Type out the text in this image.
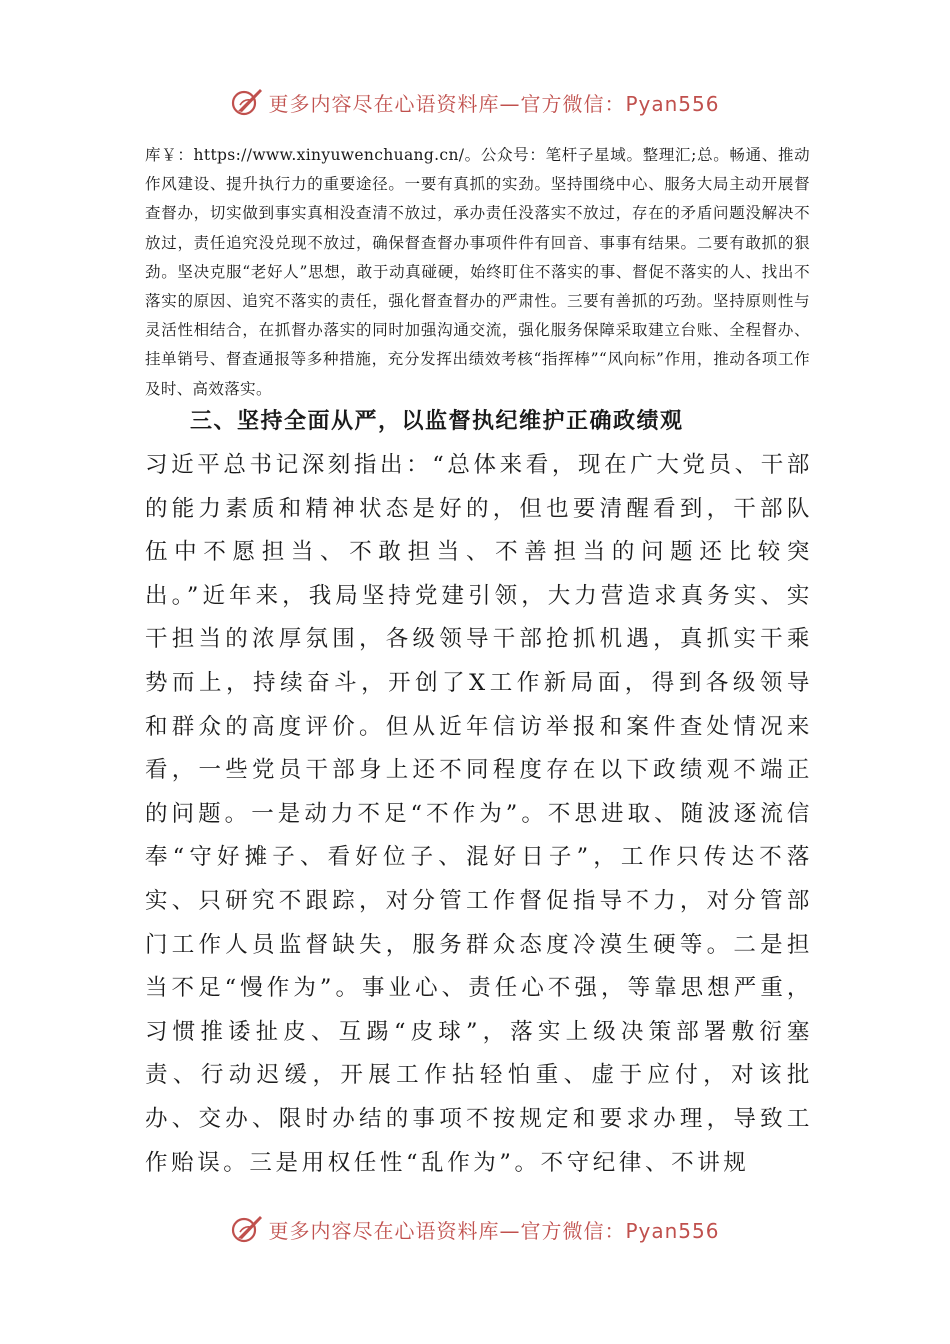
更多内容尽在心语资料库—官方微信：Pyan556

库￥：https://www.xinyuwenchuang.cn/。公众号：笔杆子星域。整理汇;总。畅通、推动作风建设、提升执行力的重要途径。一要有真抓的实劲。坚持围绕中心、服务大局主动开展督查督办，切实做到事实真相没查清不放过，承办责任没落实不放过，存在的矛盾问题没解决不放过，责任追究没兑现不放过，确保督查督办事项件件有回音、事事有结果。二要有敢抓的狠劲。坚决克服“老好人”思想，敢于动真碰硬，始终盯住不落实的事、督促不落实的人、找出不落实的原因、追究不落实的责任，强化督查督办的严肃性。三要有善抓的巧劲。坚持原则性与灵活性相结合，在抓督办落实的同时加强沟通交流，强化服务保障采取建立台账、全程督办、挂单销号、督查通报等多种措施，充分发挥出绩效考核“指挥棒”“风向标”作用，推动各项工作及时、高效落实。

三、坚持全面从严，以监督执纪维护正确政绩观

习近平总书记深刻指出：“总体来看，现在广大党员、干部的能力素质和精神状态是好的，但也要清醒看到，干部队伍中不愿担当、不敢担当、不善担当的问题还比较突出。”近年来，我局坚持党建引领，大力营造求真务实、实干担当的浓厚氛围，各级领导干部抢抓机遇，真抓实干乘势而上，持续奋斗，开创了X工作新局面，得到各级领导和群众的高度评价。但从近年信访举报和案件查处情况来看，一些党员干部身上还不同程度存在以下政绩观不端正的问题。一是动力不足“不作为”。不思进取、随波逐流信奉“守好摊子、看好位子、混好日子”，工作只传达不落实、只研究不跟踪，对分管工作督促指导不力，对分管部门工作人员监督缺失，服务群众态度冷漠生硬等。二是担当不足“慢作为”。事业心、责任心不强，等靠思想严重，习惯推诿扯皮、互踢“皮球”，落实上级决策部署敷衍塞责、行动迟缓，开展工作拈轻怕重、虚于应付，对该批办、交办、限时办结的事项不按规定和要求办理，导致工作贻误。三是用权任性“乱作为”。不守纪律、不讲规

更多内容尽在心语资料库—官方微信：Pyan556
